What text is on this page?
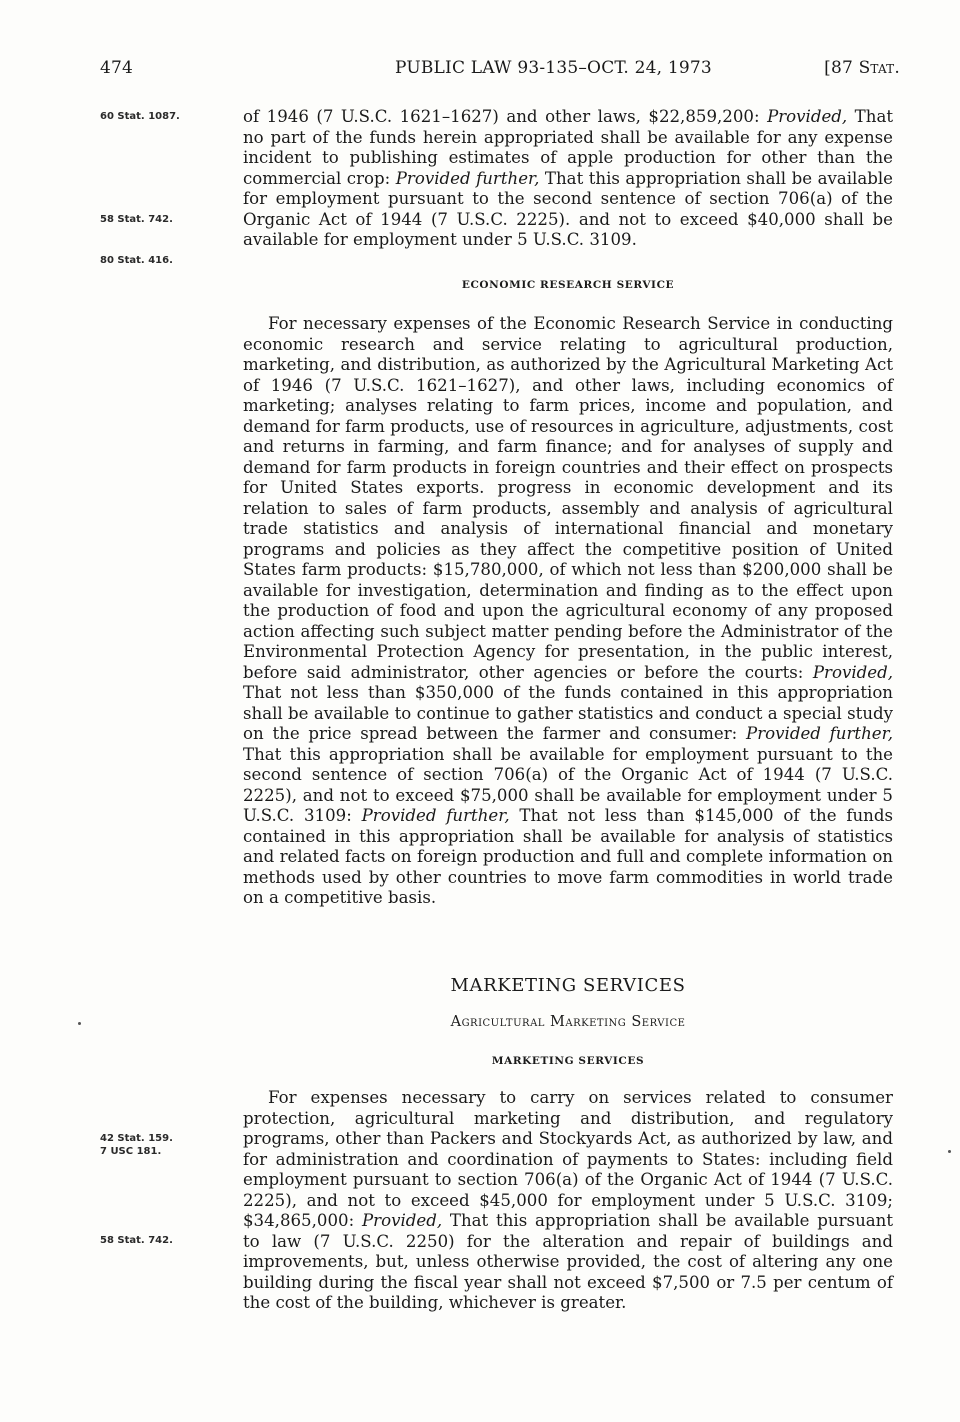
474	PUBLIC LAW 93-135–OCT. 24, 1973	[87 Stat.
60 Stat. 1087.
58 Stat. 742.
80 Stat. 416.
42 Stat. 159.
7 USC 181.
58 Stat. 742.

of 1946 (7 U.S.C. 1621–1627) and other laws, $22,859,200: Provided, That no part of the funds herein appropriated shall be available for any expense incident to publishing estimates of apple production for other than the commercial crop: Provided further, That this appropriation shall be available for employment pursuant to the second sentence of section 706(a) of the Organic Act of 1944 (7 U.S.C. 2225). and not to exceed $40,000 shall be available for employment under 5 U.S.C. 3109.

ECONOMIC RESEARCH SERVICE

For necessary expenses of the Economic Research Service in conducting economic research and service relating to agricultural production, marketing, and distribution, as authorized by the Agricultural Marketing Act of 1946 (7 U.S.C. 1621–1627), and other laws, including economics of marketing; analyses relating to farm prices, income and population, and demand for farm products, use of resources in agriculture, adjustments, cost and returns in farming, and farm finance; and for analyses of supply and demand for farm products in foreign countries and their effect on prospects for United States exports. progress in economic development and its relation to sales of farm products, assembly and analysis of agricultural trade statistics and analysis of international financial and monetary programs and policies as they affect the competitive position of United States farm products: $15,780,000, of which not less than $200,000 shall be available for investigation, determination and finding as to the effect upon the production of food and upon the agricultural economy of any proposed action affecting such subject matter pending before the Administrator of the Environmental Protection Agency for presentation, in the public interest, before said administrator, other agencies or before the courts: Provided, That not less than $350,000 of the funds contained in this appropriation shall be available to continue to gather statistics and conduct a special study on the price spread between the farmer and consumer: Provided further, That this appropriation shall be available for employment pursuant to the second sentence of section 706(a) of the Organic Act of 1944 (7 U.S.C. 2225), and not to exceed $75,000 shall be available for employment under 5 U.S.C. 3109: Provided further, That not less than $145,000 of the funds contained in this appropriation shall be available for analysis of statistics and related facts on foreign production and full and complete information on methods used by other countries to move farm commodities in world trade on a competitive basis.

MARKETING SERVICES
Agricultural Marketing Service
MARKETING SERVICES

For expenses necessary to carry on services related to consumer protection, agricultural marketing and distribution, and regulatory programs, other than Packers and Stockyards Act, as authorized by law, and for administration and coordination of payments to States: including field employment pursuant to section 706(a) of the Organic Act of 1944 (7 U.S.C. 2225), and not to exceed $45,000 for employment under 5 U.S.C. 3109; $34,865,000: Provided, That this appropriation shall be available pursuant to law (7 U.S.C. 2250) for the alteration and repair of buildings and improvements, but, unless otherwise provided, the cost of altering any one building during the fiscal year shall not exceed $7,500 or 7.5 per centum of the cost of the building, whichever is greater.
